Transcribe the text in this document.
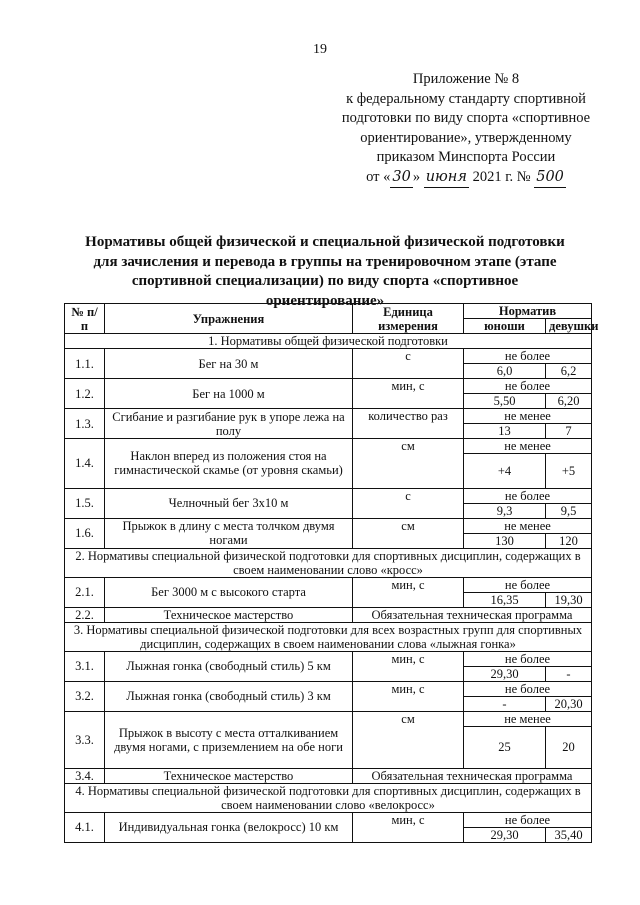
19
Приложение № 8
к федеральному стандарту спортивной
подготовки по виду спорта «спортивное
ориентирование», утвержденному
приказом Минспорта России
от « 30 » июня 2021 г. № 500
Нормативы общей физической и специальной физической подготовки
для зачисления и перевода в группы на тренировочном этапе (этапе
спортивной специализации) по виду спорта «спортивное ориентирование»
№ п/п	Упражнения	Единица измерения	Норматив	
			юноши	девушки
1. Нормативы общей физической подготовки				
1.1.	Бег на 30 м	с	не более	
			6,0	6,2
1.2.	Бег на 1000 м	мин, с	не более	
			5,50	6,20
1.3.	Сгибание и разгибание рук в упоре лежа на полу	количество раз	не менее	
			13	7
1.4.	Наклон вперед из положения стоя на гимнастической скамье (от уровня скамьи)	см	не менее	
			+4	+5
1.5.	Челночный бег 3х10 м	с	не более	
			9,3	9,5
1.6.	Прыжок в длину с места толчком двумя ногами	см	не менее	
			130	120
2. Нормативы специальной физической подготовки для спортивных дисциплин, содержащих в своем наименовании слово «кросс»				
2.1.	Бег 3000 м с высокого старта	мин, с	не более	
			16,35	19,30
2.2.	Техническое мастерство	Обязательная техническая программа		
3. Нормативы специальной физической подготовки для всех возрастных групп для спортивных дисциплин, содержащих в своем наименовании слова «лыжная гонка»				
3.1.	Лыжная гонка (свободный стиль) 5 км	мин, с	не более	
			29,30	-
3.2.	Лыжная гонка (свободный стиль) 3 км	мин, с	не более	
			-	20,30
3.3.	Прыжок в высоту с места отталкиванием двумя ногами, с приземлением на обе ноги	см	не менее	
			25	20
3.4.	Техническое мастерство	Обязательная техническая программа		
4. Нормативы специальной физической подготовки для спортивных дисциплин, содержащих в своем наименовании слово «велокросс»				
4.1.	Индивидуальная гонка (велокросс) 10 км	мин, с	не более	
			29,30	35,40
